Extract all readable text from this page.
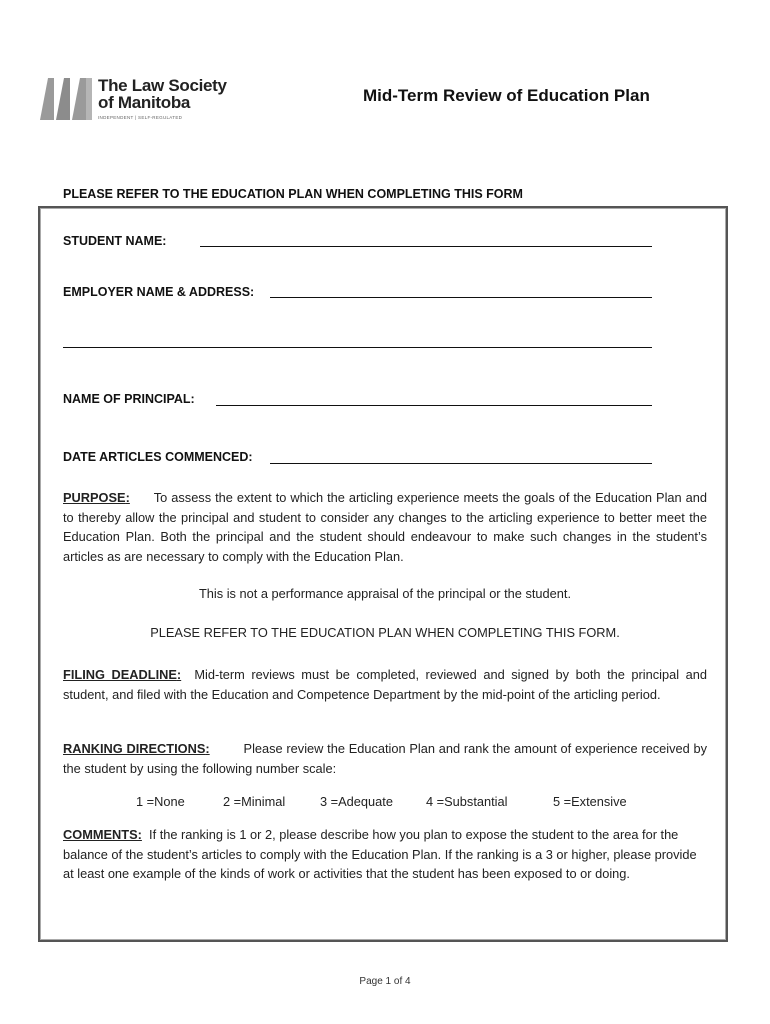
The Law Society
of Manitoba
INDEPENDENT | SELF-REGULATED
Mid-Term Review of Education Plan
PLEASE REFER TO THE EDUCATION PLAN WHEN COMPLETING THIS FORM
STUDENT NAME:
EMPLOYER NAME & ADDRESS:
NAME OF PRINCIPAL:
DATE ARTICLES COMMENCED:
PURPOSE: To assess the extent to which the articling experience meets the goals of the Education Plan and to thereby allow the principal and student to consider any changes to the articling experience to better meet the Education Plan. Both the principal and the student should endeavour to make such changes in the student’s articles as are necessary to comply with the Education Plan.
This is not a performance appraisal of the principal or the student.
PLEASE REFER TO THE EDUCATION PLAN WHEN COMPLETING THIS FORM.
FILING DEADLINE: Mid-term reviews must be completed, reviewed and signed by both the principal and student, and filed with the Education and Competence Department by the mid-point of the articling period.
RANKING DIRECTIONS:	Please review the Education Plan and rank the amount of experience received by the student by using the following number scale:
1 =None	2 =Minimal	3 =Adequate	4 =Substantial	5 =Extensive
COMMENTS: If the ranking is 1 or 2, please describe how you plan to expose the student to the area for the balance of the student’s articles to comply with the Education Plan. If the ranking is a 3 or higher, please provide at least one example of the kinds of work or activities that the student has been exposed to or doing.
Page 1 of 4
